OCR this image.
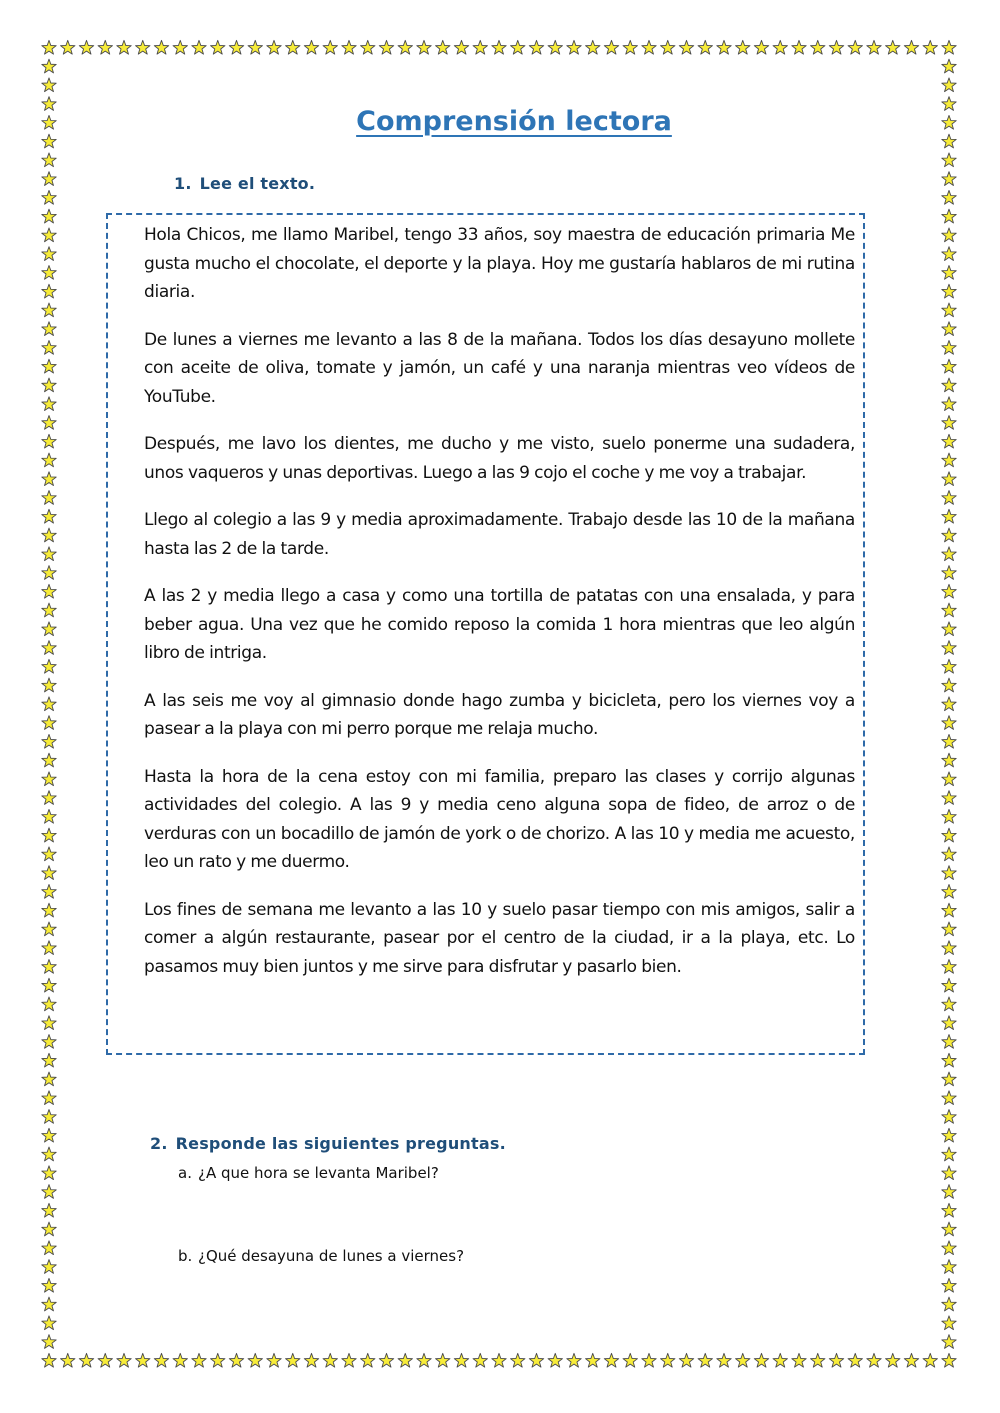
Comprensión lectora
1. Lee el texto.

Hola Chicos, me llamo Maribel, tengo 33 años, soy maestra de educación primaria Me gusta mucho el chocolate, el deporte y la playa. Hoy me gustaría hablaros de mi rutina diaria.

De lunes a viernes me levanto a las 8 de la mañana. Todos los días desayuno mollete con aceite de oliva, tomate y jamón, un café y una naranja mientras veo vídeos de YouTube.

Después, me lavo los dientes, me ducho y me visto, suelo ponerme una sudadera, unos vaqueros y unas deportivas. Luego a las 9 cojo el coche y me voy a trabajar.

Llego al colegio a las 9 y media aproximadamente. Trabajo desde las 10 de la mañana hasta las 2 de la tarde.

A las 2 y media llego a casa y como una tortilla de patatas con una ensalada, y para beber agua. Una vez que he comido reposo la comida 1 hora mientras que leo algún libro de intriga.

A las seis me voy al gimnasio donde hago zumba y bicicleta, pero los viernes voy a pasear a la playa con mi perro porque me relaja mucho.

Hasta la hora de la cena estoy con mi familia, preparo las clases y corrijo algunas actividades del colegio. A las 9 y media ceno alguna sopa de fideo, de arroz o de verduras con un bocadillo de jamón de york o de chorizo. A las 10 y media me acuesto, leo un rato y me duermo.

Los fines de semana me levanto a las 10 y suelo pasar tiempo con mis amigos, salir a comer a algún restaurante, pasear por el centro de la ciudad, ir a la playa, etc. Lo pasamos muy bien juntos y me sirve para disfrutar y pasarlo bien.

2. Responde las siguientes preguntas.

a. ¿A que hora se levanta Maribel?

b. ¿Qué desayuna de lunes a viernes?
